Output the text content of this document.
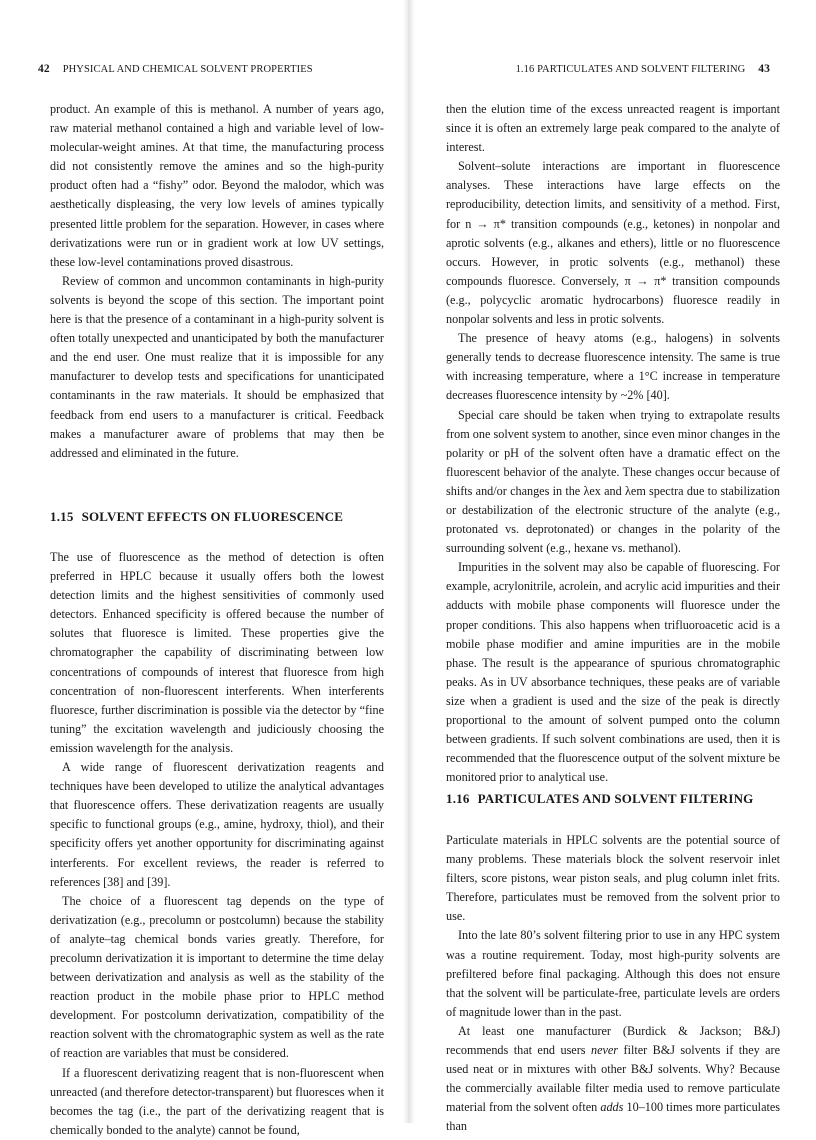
42 PHYSICAL AND CHEMICAL SOLVENT PROPERTIES

product. An example of this is methanol. A number of years ago, raw material methanol contained a high and variable level of low-molecular-weight amines. At that time, the manufacturing process did not consistently remove the amines and so the high-purity product often had a “fishy” odor. Beyond the malodor, which was aesthetically displeasing, the very low levels of amines typically presented little problem for the separation. However, in cases where derivatizations were run or in gradient work at low UV settings, these low-level contaminations proved disastrous.

Review of common and uncommon contaminants in high-purity solvents is beyond the scope of this section. The important point here is that the presence of a contaminant in a high-purity solvent is often totally unexpected and unanticipated by both the manufacturer and the end user. One must realize that it is impossible for any manufacturer to develop tests and specifications for unanticipated contaminants in the raw materials. It should be emphasized that feedback from end users to a manufacturer is critical. Feedback makes a manufacturer aware of problems that may then be addressed and eliminated in the future.

1.15 SOLVENT EFFECTS ON FLUORESCENCE

The use of fluorescence as the method of detection is often preferred in HPLC because it usually offers both the lowest detection limits and the highest sensitivities of commonly used detectors. Enhanced specificity is offered because the number of solutes that fluoresce is limited. These properties give the chromatographer the capability of discriminating between low concentrations of compounds of interest that fluoresce from high concentration of non-fluorescent interferents. When interferents fluoresce, further discrimination is possible via the detector by “fine tuning” the excitation wavelength and judiciously choosing the emission wavelength for the analysis.

A wide range of fluorescent derivatization reagents and techniques have been developed to utilize the analytical advantages that fluorescence offers. These derivatization reagents are usually specific to functional groups (e.g., amine, hydroxy, thiol), and their specificity offers yet another opportunity for discriminating against interferents. For excellent reviews, the reader is referred to references [38] and [39].

The choice of a fluorescent tag depends on the type of derivatization (e.g., precolumn or postcolumn) because the stability of analyte–tag chemical bonds varies greatly. Therefore, for precolumn derivatization it is important to determine the time delay between derivatization and analysis as well as the stability of the reaction product in the mobile phase prior to HPLC method development. For postcolumn derivatization, compatibility of the reaction solvent with the chromatographic system as well as the rate of reaction are variables that must be considered.

If a fluorescent derivatizing reagent that is non-fluorescent when unreacted (and therefore detector-transparent) but fluoresces when it becomes the tag (i.e., the part of the derivatizing reagent that is chemically bonded to the analyte) cannot be found,

1.16 PARTICULATES AND SOLVENT FILTERING 43

then the elution time of the excess unreacted reagent is important since it is often an extremely large peak compared to the analyte of interest.

Solvent–solute interactions are important in fluorescence analyses. These interactions have large effects on the reproducibility, detection limits, and sensitivity of a method. First, for n → π* transition compounds (e.g., ketones) in nonpolar and aprotic solvents (e.g., alkanes and ethers), little or no fluorescence occurs. However, in protic solvents (e.g., methanol) these compounds fluoresce. Conversely, π → π* transition compounds (e.g., polycyclic aromatic hydrocarbons) fluoresce readily in nonpolar solvents and less in protic solvents.

The presence of heavy atoms (e.g., halogens) in solvents generally tends to decrease fluorescence intensity. The same is true with increasing temperature, where a 1°C increase in temperature decreases fluorescence intensity by ~2% [40].

Special care should be taken when trying to extrapolate results from one solvent system to another, since even minor changes in the polarity or pH of the solvent often have a dramatic effect on the fluorescent behavior of the analyte. These changes occur because of shifts and/or changes in the λex and λem spectra due to stabilization or destabilization of the electronic structure of the analyte (e.g., protonated vs. deprotonated) or changes in the polarity of the surrounding solvent (e.g., hexane vs. methanol).

Impurities in the solvent may also be capable of fluorescing. For example, acrylonitrile, acrolein, and acrylic acid impurities and their adducts with mobile phase components will fluoresce under the proper conditions. This also happens when trifluoroacetic acid is a mobile phase modifier and amine impurities are in the mobile phase. The result is the appearance of spurious chromatographic peaks. As in UV absorbance techniques, these peaks are of variable size when a gradient is used and the size of the peak is directly proportional to the amount of solvent pumped onto the column between gradients. If such solvent combinations are used, then it is recommended that the fluorescence output of the solvent mixture be monitored prior to analytical use.

1.16 PARTICULATES AND SOLVENT FILTERING

Particulate materials in HPLC solvents are the potential source of many problems. These materials block the solvent reservoir inlet filters, score pistons, wear piston seals, and plug column inlet frits. Therefore, particulates must be removed from the solvent prior to use.

Into the late 80’s solvent filtering prior to use in any HPC system was a routine requirement. Today, most high-purity solvents are prefiltered before final packaging. Although this does not ensure that the solvent will be particulate-free, particulate levels are orders of magnitude lower than in the past.

At least one manufacturer (Burdick & Jackson; B&J) recommends that end users never filter B&J solvents if they are used neat or in mixtures with other B&J solvents. Why? Because the commercially available filter media used to remove particulate material from the solvent often adds 10–100 times more particulates than
